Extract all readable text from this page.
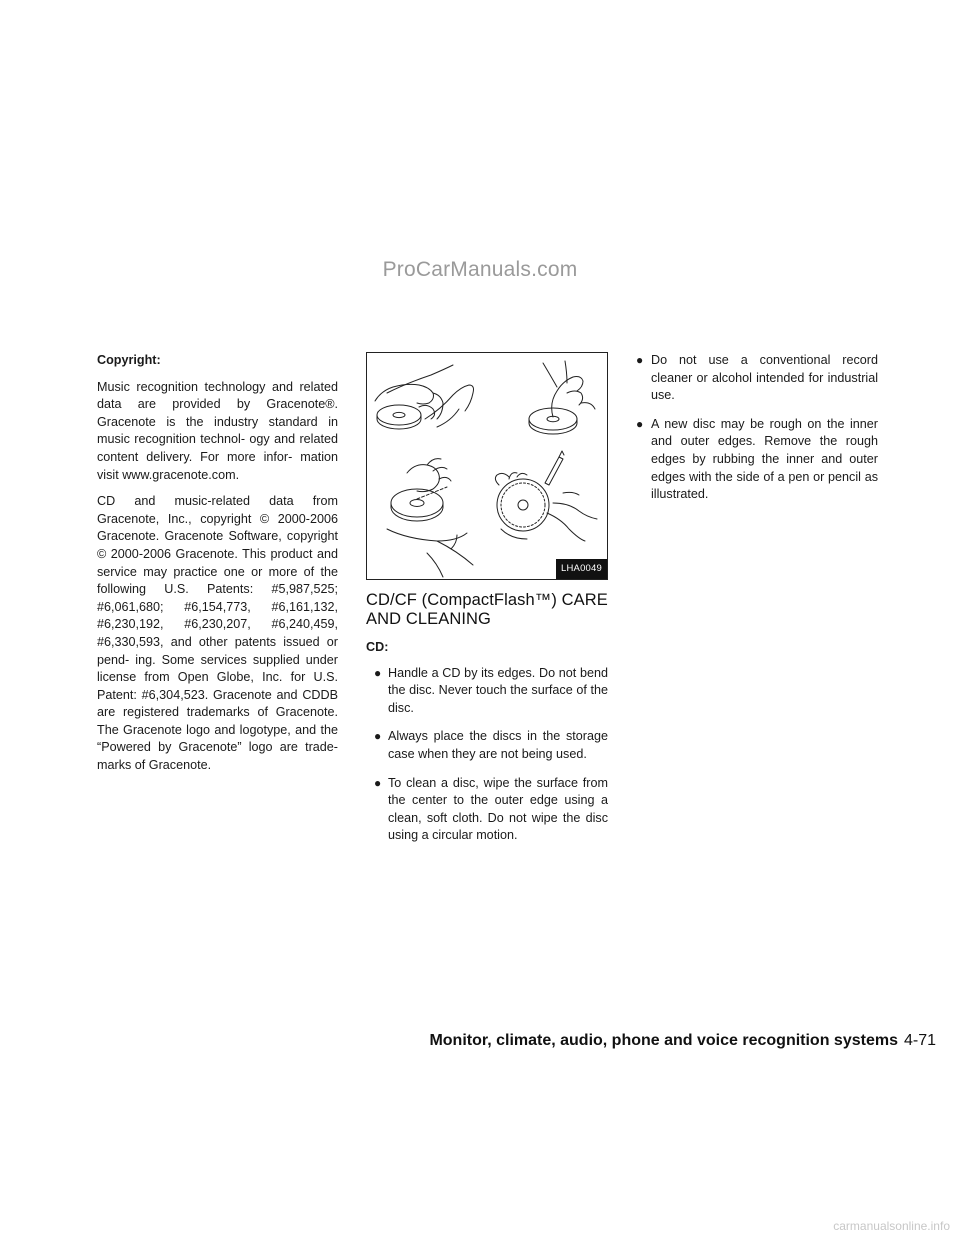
ProCarManuals.com
Copyright:

Music recognition technology and related data are provided by Gracenote®. Gracenote is the industry standard in music recognition technol- ogy and related content delivery. For more infor- mation visit www.gracenote.com.

CD and music-related data from Gracenote, Inc., copyright © 2000-2006 Gracenote. Gracenote Software, copyright © 2000-2006 Gracenote. This product and service may practice one or more of the following U.S. Patents: #5,987,525; #6,061,680; #6,154,773, #6,161,132, #6,230,192, #6,230,207, #6,240,459, #6,330,593, and other patents issued or pend- ing. Some services supplied under license from Open Globe, Inc. for U.S. Patent: #6,304,523. Gracenote and CDDB are registered trademarks of Gracenote. The Gracenote logo and logotype, and the “Powered by Gracenote” logo are trade- marks of Gracenote.

LHA0049
CD/CF (CompactFlash™) CARE AND CLEANING
CD:
● Handle a CD by its edges. Do not bend the disc. Never touch the surface of the disc.
● Always place the discs in the storage case when they are not being used.
● To clean a disc, wipe the surface from the center to the outer edge using a clean, soft cloth. Do not wipe the disc using a circular motion.
● Do not use a conventional record cleaner or alcohol intended for industrial use.
● A new disc may be rough on the inner and outer edges. Remove the rough edges by rubbing the inner and outer edges with the side of a pen or pencil as illustrated.
Monitor, climate, audio, phone and voice recognition systems 4-71
carmanualsonline.info
